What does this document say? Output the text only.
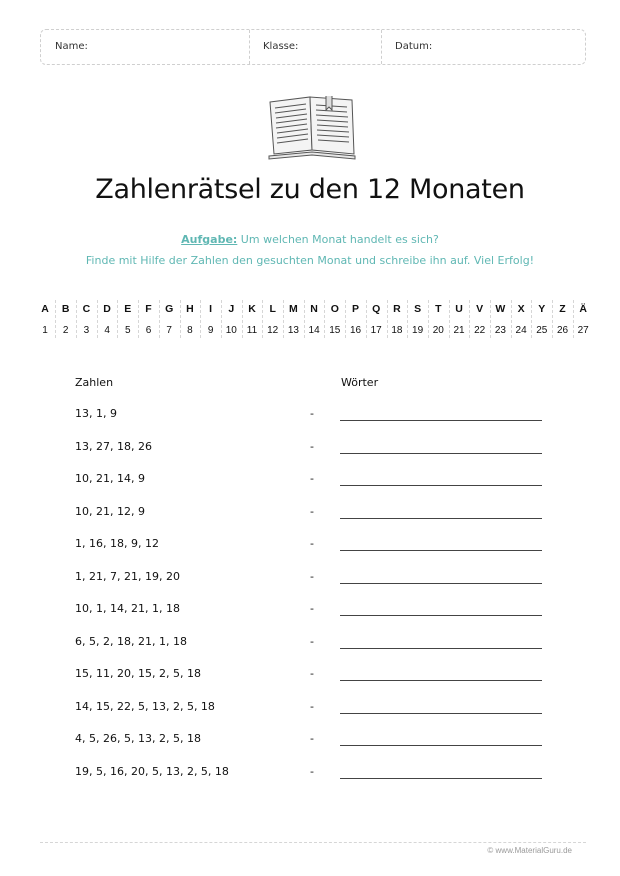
Name:	Klasse:	Datum:
Zahlenrätsel zu den 12 Monaten
Aufgabe: Um welchen Monat handelt es sich?
Finde mit Hilfe der Zahlen den gesuchten Monat und schreibe ihn auf. Viel Erfolg!
A	B	C	D	E	F	G	H	I	J	K	L	M	N	O	P	Q	R	S	T	U	V	W	X	Y	Z	Ä
1	2	3	4	5	6	7	8	9	10 11 12 13 14 15 16 17 18 19 20 21 22 23 24 25 26 27
Zahlen	Wörter
13, 1, 9	-
13, 27, 18, 26	-
10, 21, 14, 9	-
10, 21, 12, 9	-
1, 16, 18, 9, 12	-
1, 21, 7, 21, 19, 20	-
10, 1, 14, 21, 1, 18	-
6, 5, 2, 18, 21, 1, 18	-
15, 11, 20, 15, 2, 5, 18	-
14, 15, 22, 5, 13, 2, 5, 18	-
4, 5, 26, 5, 13, 2, 5, 18	-
19, 5, 16, 20, 5, 13, 2, 5, 18	-
© www.MaterialGuru.de
